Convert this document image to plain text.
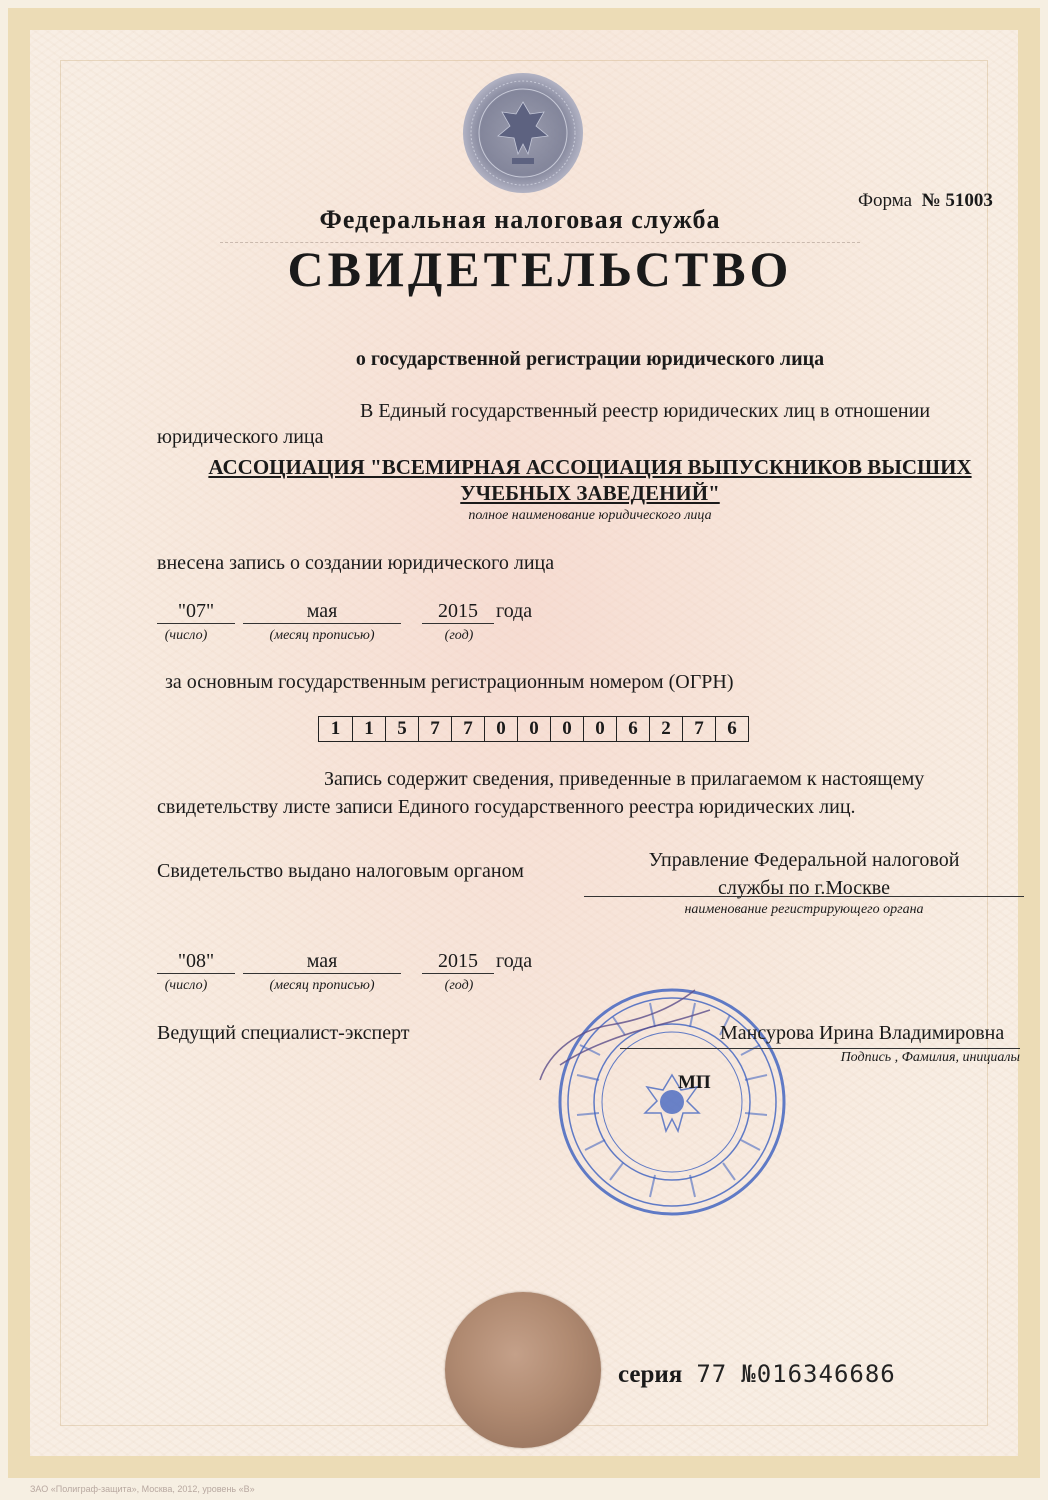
Форма № 51003
Федеральная налоговая служба
СВИДЕТЕЛЬСТВО
о государственной регистрации юридического лица
В Единый государственный реестр юридических лиц в отношении
юридического лица
АССОЦИАЦИЯ "ВСЕМИРНАЯ АССОЦИАЦИЯ ВЫПУСКНИКОВ ВЫСШИХ
УЧЕБНЫХ ЗАВЕДЕНИЙ"
полное наименование юридического лица
внесена запись о создании юридического лица
"07"	мая	2015 года
(число)	(месяц прописью)	(год)
за основным государственным регистрационным номером (ОГРН)
1	1	5	7	7	0	0	0	0	6	2	7	6
Запись содержит сведения, приведенные в прилагаемом к настоящему
свидетельству листе записи Единого государственного реестра юридических лиц.
Свидетельство выдано налоговым органом	Управление Федеральной налоговой
службы по г.Москве
наименование регистрирующего органа
"08"	мая	2015 года
(число)	(месяц прописью)	(год)
Ведущий специалист-эксперт	Мансурова Ирина Владимировна
Подпись , Фамилия, инициалы
МП
серия 77 №016346686
ЗАО «Полиграф-защита», Москва, 2012, уровень «В»
